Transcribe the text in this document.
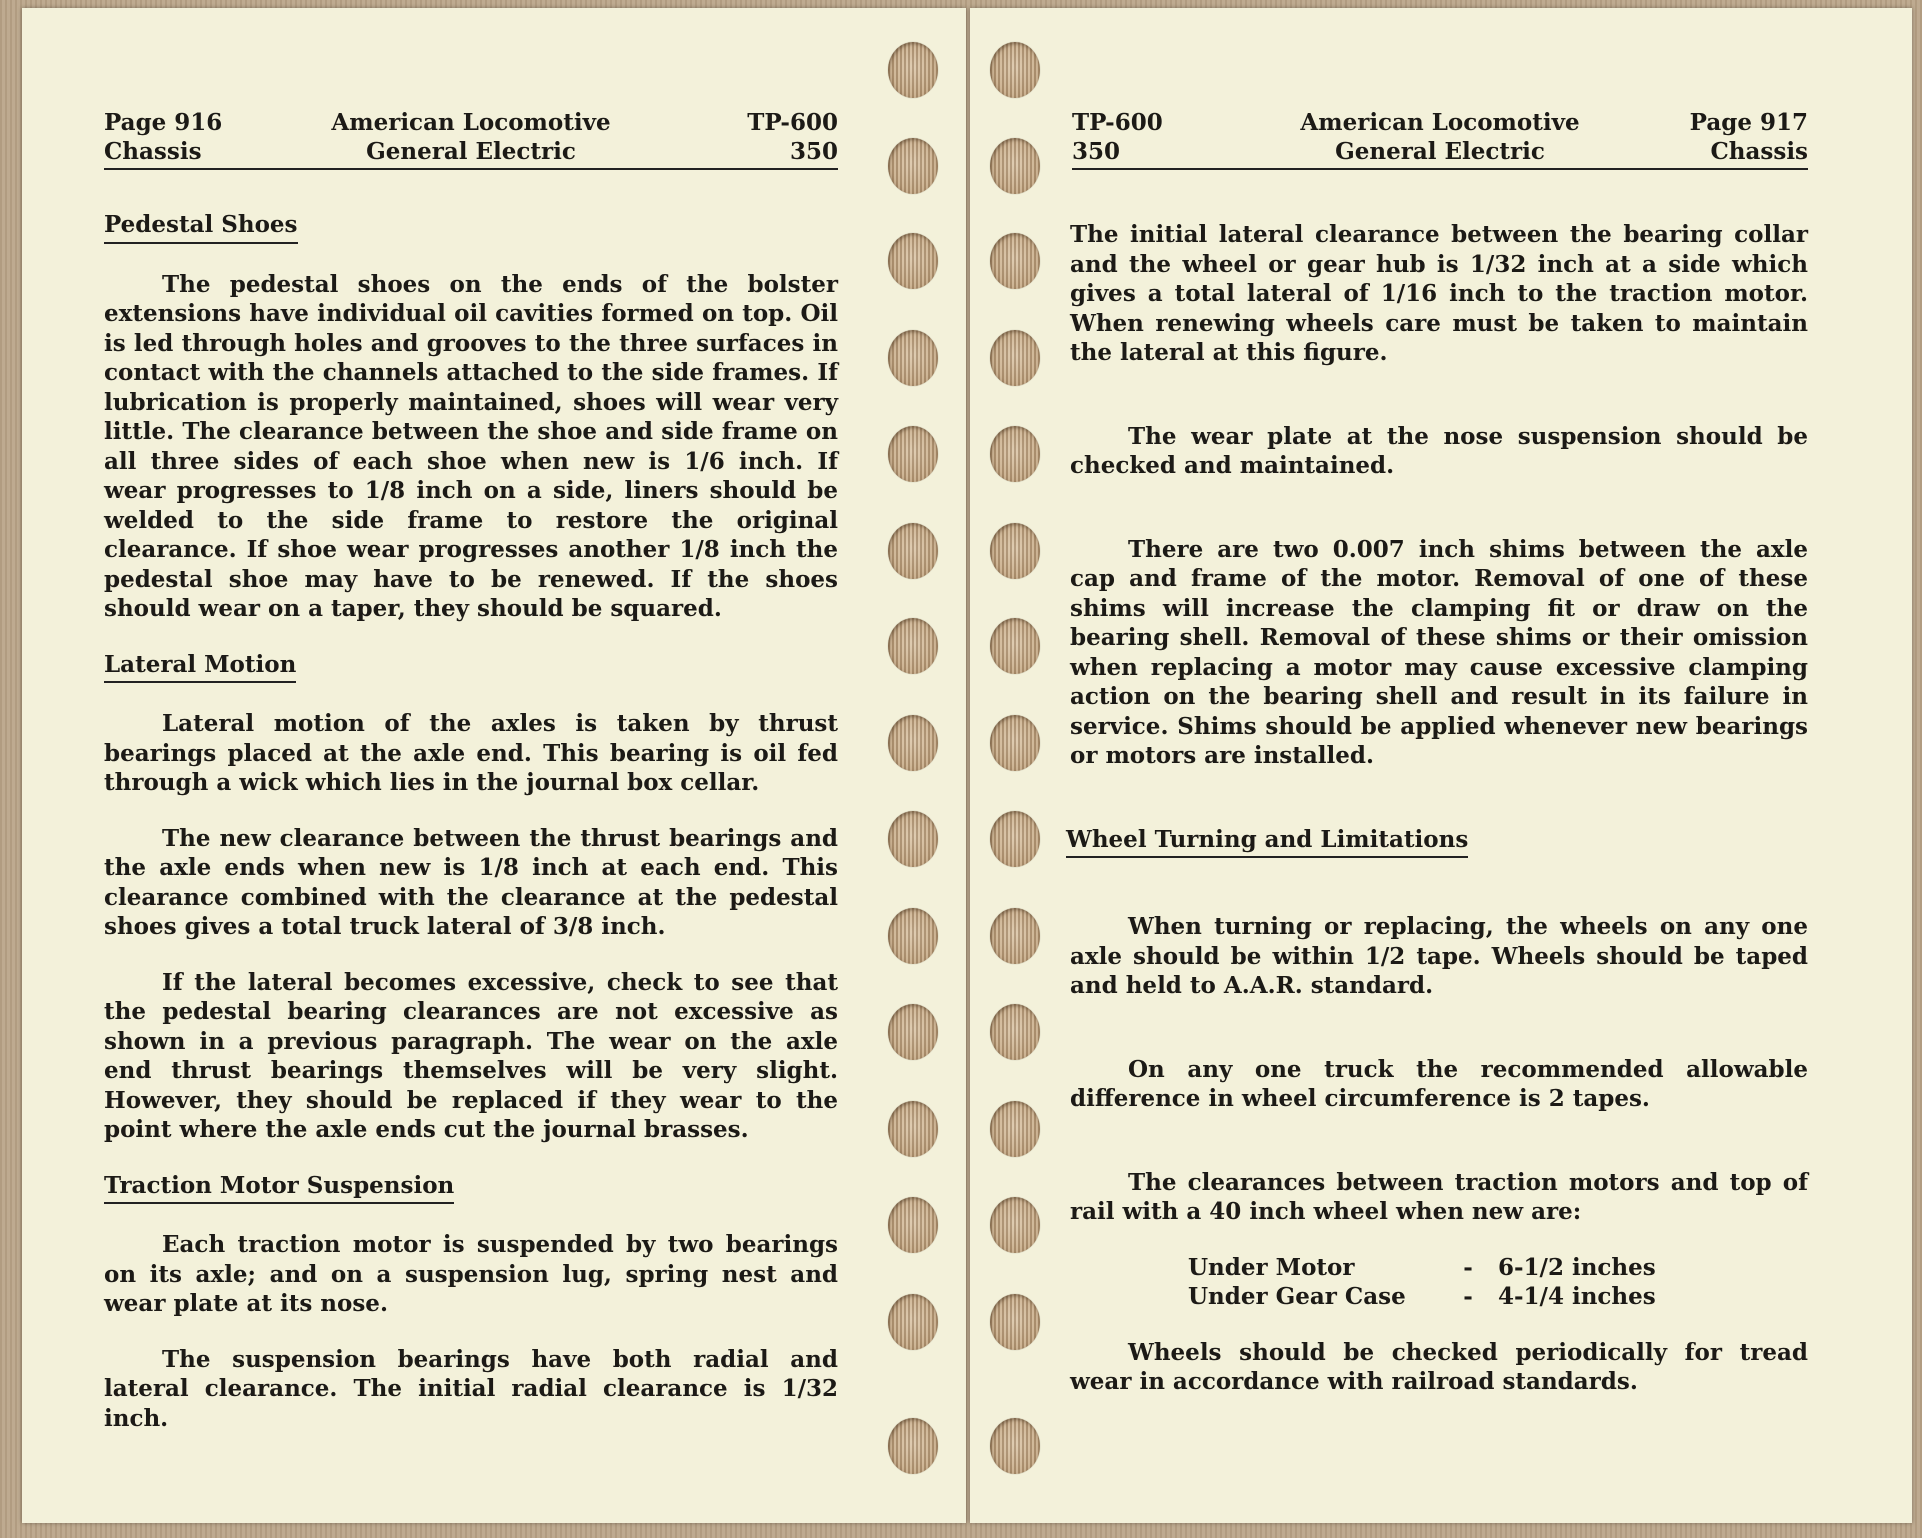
Page 916	American Locomotive	TP-600
Chassis	General Electric	350
Pedestal Shoes

The pedestal shoes on the ends of the bolster extensions have individual oil cavities formed on top. Oil is led through holes and grooves to the three surfaces in contact with the channels attached to the side frames. If lubrication is properly maintained, shoes will wear very little. The clearance between the shoe and side frame on all three sides of each shoe when new is 1/6 inch. If wear progresses to 1/8 inch on a side, liners should be welded to the side frame to restore the original clearance. If shoe wear progresses another 1/8 inch the pedestal shoe may have to be renewed. If the shoes should wear on a taper, they should be squared.

Lateral Motion

Lateral motion of the axles is taken by thrust bearings placed at the axle end. This bearing is oil fed through a wick which lies in the journal box cellar.

The new clearance between the thrust bearings and the axle ends when new is 1/8 inch at each end. This clearance combined with the clearance at the pedestal shoes gives a total truck lateral of 3/8 inch.

If the lateral becomes excessive, check to see that the pedestal bearing clearances are not excessive as shown in a previous paragraph. The wear on the axle end thrust bearings themselves will be very slight. However, they should be replaced if they wear to the point where the axle ends cut the journal brasses.

Traction Motor Suspension

Each traction motor is suspended by two bearings on its axle; and on a suspension lug, spring nest and wear plate at its nose.

The suspension bearings have both radial and lateral clearance. The initial radial clearance is 1/32 inch.

TP-600	American Locomotive	Page 917
350	General Electric	Chassis

The initial lateral clearance between the bearing collar and the wheel or gear hub is 1/32 inch at a side which gives a total lateral of 1/16 inch to the traction motor. When renewing wheels care must be taken to maintain the lateral at this figure.

The wear plate at the nose suspension should be checked and maintained.

There are two 0.007 inch shims between the axle cap and frame of the motor. Removal of one of these shims will increase the clamping fit or draw on the bearing shell. Removal of these shims or their omission when replacing a motor may cause excessive clamping action on the bearing shell and result in its failure in service. Shims should be applied whenever new bearings or motors are installed.

Wheel Turning and Limitations

When turning or replacing, the wheels on any one axle should be within 1/2 tape. Wheels should be taped and held to A.A.R. standard.

On any one truck the recommended allowable difference in wheel circumference is 2 tapes.

The clearances between traction motors and top of rail with a 40 inch wheel when new are:

Under Motor	-	6-1/2 inches
Under Gear Case	-	4-1/4 inches

Wheels should be checked periodically for tread wear in accordance with railroad standards.
